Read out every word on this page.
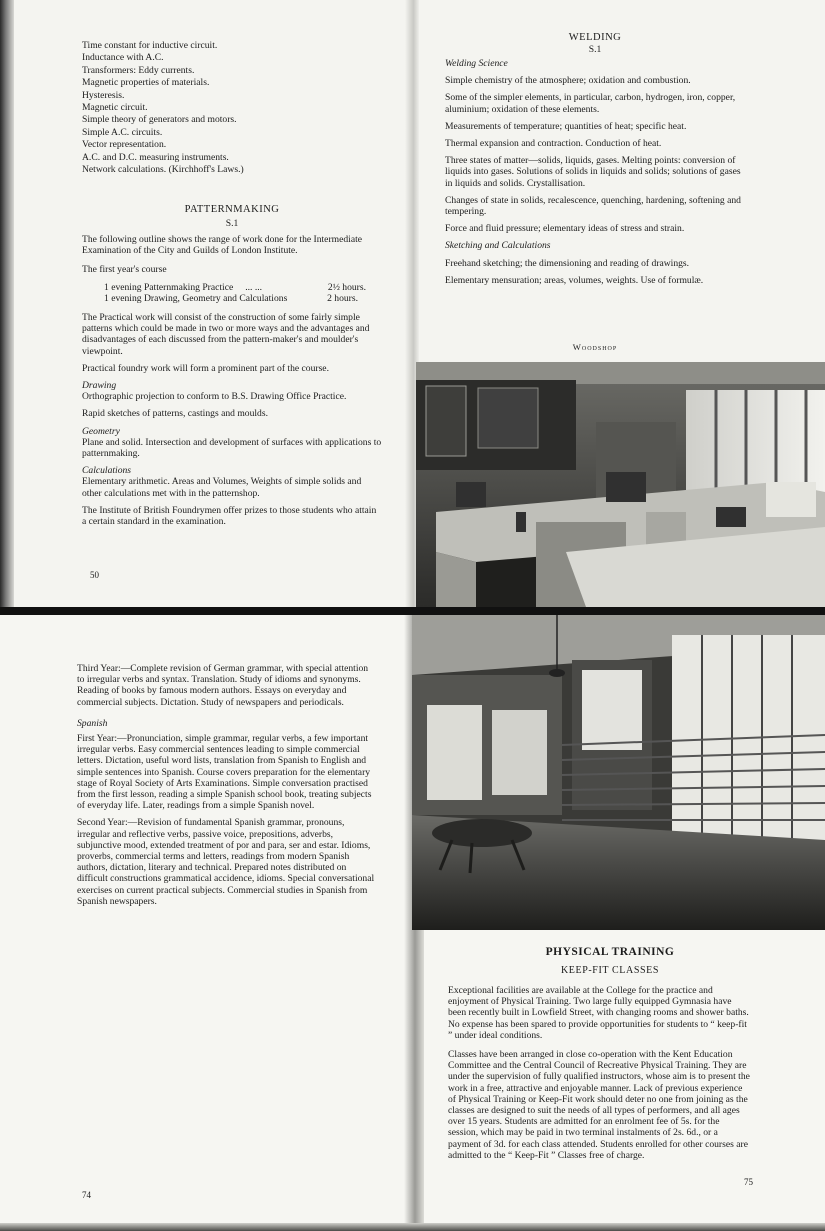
Time constant for inductive circuit.
Inductance with A.C.
Transformers: Eddy currents.
Magnetic properties of materials.
Hysteresis.
Magnetic circuit.
Simple theory of generators and motors.
Simple A.C. circuits.
Vector representation.
A.C. and D.C. measuring instruments.
Network calculations. (Kirchhoff's Laws.)
PATTERNMAKING
S.1

The following outline shows the range of work done for the Intermediate Examination of the City and Guilds of London Institute.

The first year's course

1 evening Patternmaking Practice ... ...	2½ hours.
1 evening Drawing, Geometry and Calculations	2 hours.

The Practical work will consist of the construction of some fairly simple patterns which could be made in two or more ways and the advantages and disadvantages of each discussed from the pattern-maker's and moulder's viewpoint.

Practical foundry work will form a prominent part of the course.

Drawing

Orthographic projection to conform to B.S. Drawing Office Practice.

Rapid sketches of patterns, castings and moulds.

Geometry

Plane and solid. Intersection and development of surfaces with applications to patternmaking.

Calculations

Elementary arithmetic. Areas and Volumes, Weights of simple solids and other calculations met with in the patternshop.

The Institute of British Foundrymen offer prizes to those students who attain a certain standard in the examination.

50
WELDING
S.1
Welding Science

Simple chemistry of the atmosphere; oxidation and combustion.

Some of the simpler elements, in particular, carbon, hydrogen, iron, copper, aluminium; oxidation of these elements.

Measurements of temperature; quantities of heat; specific heat.

Thermal expansion and contraction. Conduction of heat.

Three states of matter—solids, liquids, gases. Melting points: conversion of liquids into gases. Solutions of solids in liquids and solids; solutions of gases in liquids and solids. Crystallisation.

Changes of state in solids, recalescence, quenching, hardening, softening and tempering.

Force and fluid pressure; elementary ideas of stress and strain.

Sketching and Calculations

Freehand sketching; the dimensioning and reading of drawings.

Elementary mensuration; areas, volumes, weights. Use of formulæ.

Woodshop

Third Year:—Complete revision of German grammar, with special attention to irregular verbs and syntax. Translation. Study of idioms and synonyms. Reading of books by famous modern authors. Essays on everyday and commercial subjects. Dictation. Study of newspapers and periodicals.

Spanish

First Year:—Pronunciation, simple grammar, regular verbs, a few important irregular verbs. Easy commercial sentences leading to simple commercial letters. Dictation, useful word lists, translation from Spanish to English and simple sentences into Spanish. Course covers preparation for the elementary stage of Royal Society of Arts Examinations. Simple conversation practised from the first lesson, reading a simple Spanish school book, treating subjects of everyday life. Later, readings from a simple Spanish novel.

Second Year:—Revision of fundamental Spanish grammar, pronouns, irregular and reflective verbs, passive voice, prepositions, adverbs, subjunctive mood, extended treatment of por and para, ser and estar. Idioms, proverbs, commercial terms and letters, readings from modern Spanish authors, dictation, literary and technical. Prepared notes distributed on difficult constructions grammatical accidence, idioms. Special conversational exercises on current practical subjects. Commercial studies in Spanish from Spanish newspapers.

74
PHYSICAL TRAINING
KEEP-FIT CLASSES

Exceptional facilities are available at the College for the practice and enjoyment of Physical Training. Two large fully equipped Gymnasia have been recently built in Lowfield Street, with changing rooms and shower baths. No expense has been spared to provide opportunities for students to “ keep-fit ” under ideal conditions.

Classes have been arranged in close co-operation with the Kent Education Committee and the Central Council of Recreative Physical Training. They are under the supervision of fully qualified instructors, whose aim is to present the work in a free, attractive and enjoyable manner. Lack of previous experience of Physical Training or Keep-Fit work should deter no one from joining as the classes are designed to suit the needs of all types of performers, and all ages over 15 years. Students are admitted for an enrolment fee of 5s. for the session, which may be paid in two terminal instalments of 2s. 6d., or a payment of 3d. for each class attended. Students enrolled for other courses are admitted to the “ Keep-Fit ” Classes free of charge.

75
